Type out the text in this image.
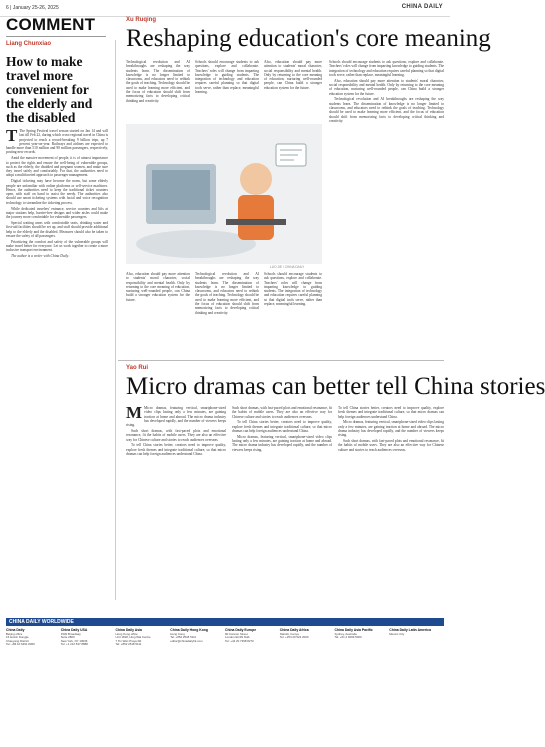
6 | January 25-26, 2025	CHINA DAILY
COMMENT
Liang Chunxiao
How to make travel more convenient for the elderly and the disabled

T The Spring Festival travel season started on Jan 14 and will last till Feb 22, during which cross-regional travel in China is projected to reach a record-breaking 9 billion trips, up 7 percent year-on-year. Railways and airlines are expected to handle more than 510 million and 90 million passengers, respectively, posting new records.

Amid the massive movement of people, it is of utmost importance to protect the rights and ensure the well-being of vulnerable groups, such as the elderly, the disabled and pregnant women, and make sure they travel safely and comfortably. For that, the authorities need to adopt a multifaceted approach to passenger management.

Digital ticketing may have become the norm, but some elderly people are unfamiliar with online platforms or self-service machines. Hence, the authorities need to keep the traditional ticket counters open, with staff on hand to assist the needy. The authorities also should use smart ticketing systems with facial and voice recognition technology to streamline the ticketing process.

While dedicated travelers' entrance, service counters and lifts at major stations help, barrier-free designs and wider aisles could make the journey more comfortable for vulnerable passengers.

Special waiting areas with comfortable seats, drinking water and first-aid facilities should be set up, and staff should provide additional help to the elderly and the disabled. Measures should also be taken to ensure the safety of all passengers.

Prioritizing the comfort and safety of the vulnerable groups will make travel better for everyone. Let us work together to create a more inclusive transport environment.

The author is a writer with China Daily.

Xu Ruqing
Reshaping education's core meaning

Technological revolution and AI breakthroughs are reshaping the way students learn. The dissemination of knowledge is no longer limited to classrooms, and educators need to rethink the goals of teaching. Technology should be used to make learning more efficient, and the focus of education should shift from memorizing facts to developing critical thinking and creativity.

Schools should encourage students to ask questions, explore and collaborate. Teachers' roles will change from imparting knowledge to guiding students. The integration of technology and education requires careful planning so that digital tools serve, rather than replace, meaningful learning.

Also, education should pay more attention to students' moral character, social responsibility and mental health. Only by returning to the core meaning of education, nurturing well-rounded people, can China build a stronger education system for the future.

Schools should encourage students to ask questions, explore and collaborate. Teachers' roles will change from imparting knowledge to guiding students. The integration of technology and education requires careful planning so that digital tools serve, rather than replace, meaningful learning.

Also, education should pay more attention to students' moral character, social responsibility and mental health. Only by returning to the core meaning of education, nurturing well-rounded people, can China build a stronger education system for the future.

Technological revolution and AI breakthroughs are reshaping the way students learn. The dissemination of knowledge is no longer limited to classrooms, and educators need to rethink the goals of teaching. Technology should be used to make learning more efficient, and the focus of education should shift from memorizing facts to developing critical thinking and creativity.

LUO JIE / CHINA DAILY

Also, education should pay more attention to students' moral character, social responsibility and mental health. Only by returning to the core meaning of education, nurturing well-rounded people, can China build a stronger education system for the future.

Technological revolution and AI breakthroughs are reshaping the way students learn. The dissemination of knowledge is no longer limited to classrooms, and educators need to rethink the goals of teaching. Technology should be used to make learning more efficient, and the focus of education should shift from memorizing facts to developing critical thinking and creativity.

Schools should encourage students to ask questions, explore and collaborate. Teachers' roles will change from imparting knowledge to guiding students. The integration of technology and education requires careful planning so that digital tools serve, rather than replace, meaningful learning.

Yao Rui
Micro dramas can better tell China stories

M Micro dramas, featuring vertical, smartphone-sized video clips lasting only a few minutes, are gaining traction at home and abroad. The micro drama industry has developed rapidly, and the number of viewers keeps rising.

Such short dramas, with fast-paced plots and emotional resonance, fit the habits of mobile users. They are also an effective way for Chinese culture and stories to reach audiences overseas.

To tell China stories better, creators need to improve quality, explore fresh themes and integrate traditional culture, so that micro dramas can help foreign audiences understand China.

Such short dramas, with fast-paced plots and emotional resonance, fit the habits of mobile users. They are also an effective way for Chinese culture and stories to reach audiences overseas.

To tell China stories better, creators need to improve quality, explore fresh themes and integrate traditional culture, so that micro dramas can help foreign audiences understand China.

Micro dramas, featuring vertical, smartphone-sized video clips lasting only a few minutes, are gaining traction at home and abroad. The micro drama industry has developed rapidly, and the number of viewers keeps rising.

To tell China stories better, creators need to improve quality, explore fresh themes and integrate traditional culture, so that micro dramas can help foreign audiences understand China.

Micro dramas, featuring vertical, smartphone-sized video clips lasting only a few minutes, are gaining traction at home and abroad. The micro drama industry has developed rapidly, and the number of viewers keeps rising.

Such short dramas, with fast-paced plots and emotional resonance, fit the habits of mobile users. They are also an effective way for Chinese culture and stories to reach audiences overseas.

CHINA DAILY WORLDWIDE
China Daily
Beijing office
15 Huixin Dongjie
Chaoyang District
Tel: +86 10 6491 8366
China Daily USA
1500 Broadway
Suite 2800
New York, NY 10036
Tel: +1 212 537 8888
China Daily Asia
Hong Kong office
Unit 1818, Hing Wai Centre
7 Tin Wan Praya Rd
Tel: +852 2518 5111
China Daily Hong Kong
Hong Kong
Tel: +852 2518 5111
editor@chinadailyhk.com
China Daily Europe
90 Cannon Street
London EC4N 6HA
Tel: +44 20 7398 8270
China Daily Africa
Nairobi, Kenya
Tel: +254 20 522 2000
China Daily Asia Pacific
Sydney, Australia
Tel: +61 2 9299 5000
China Daily Latin America
Mexico City
